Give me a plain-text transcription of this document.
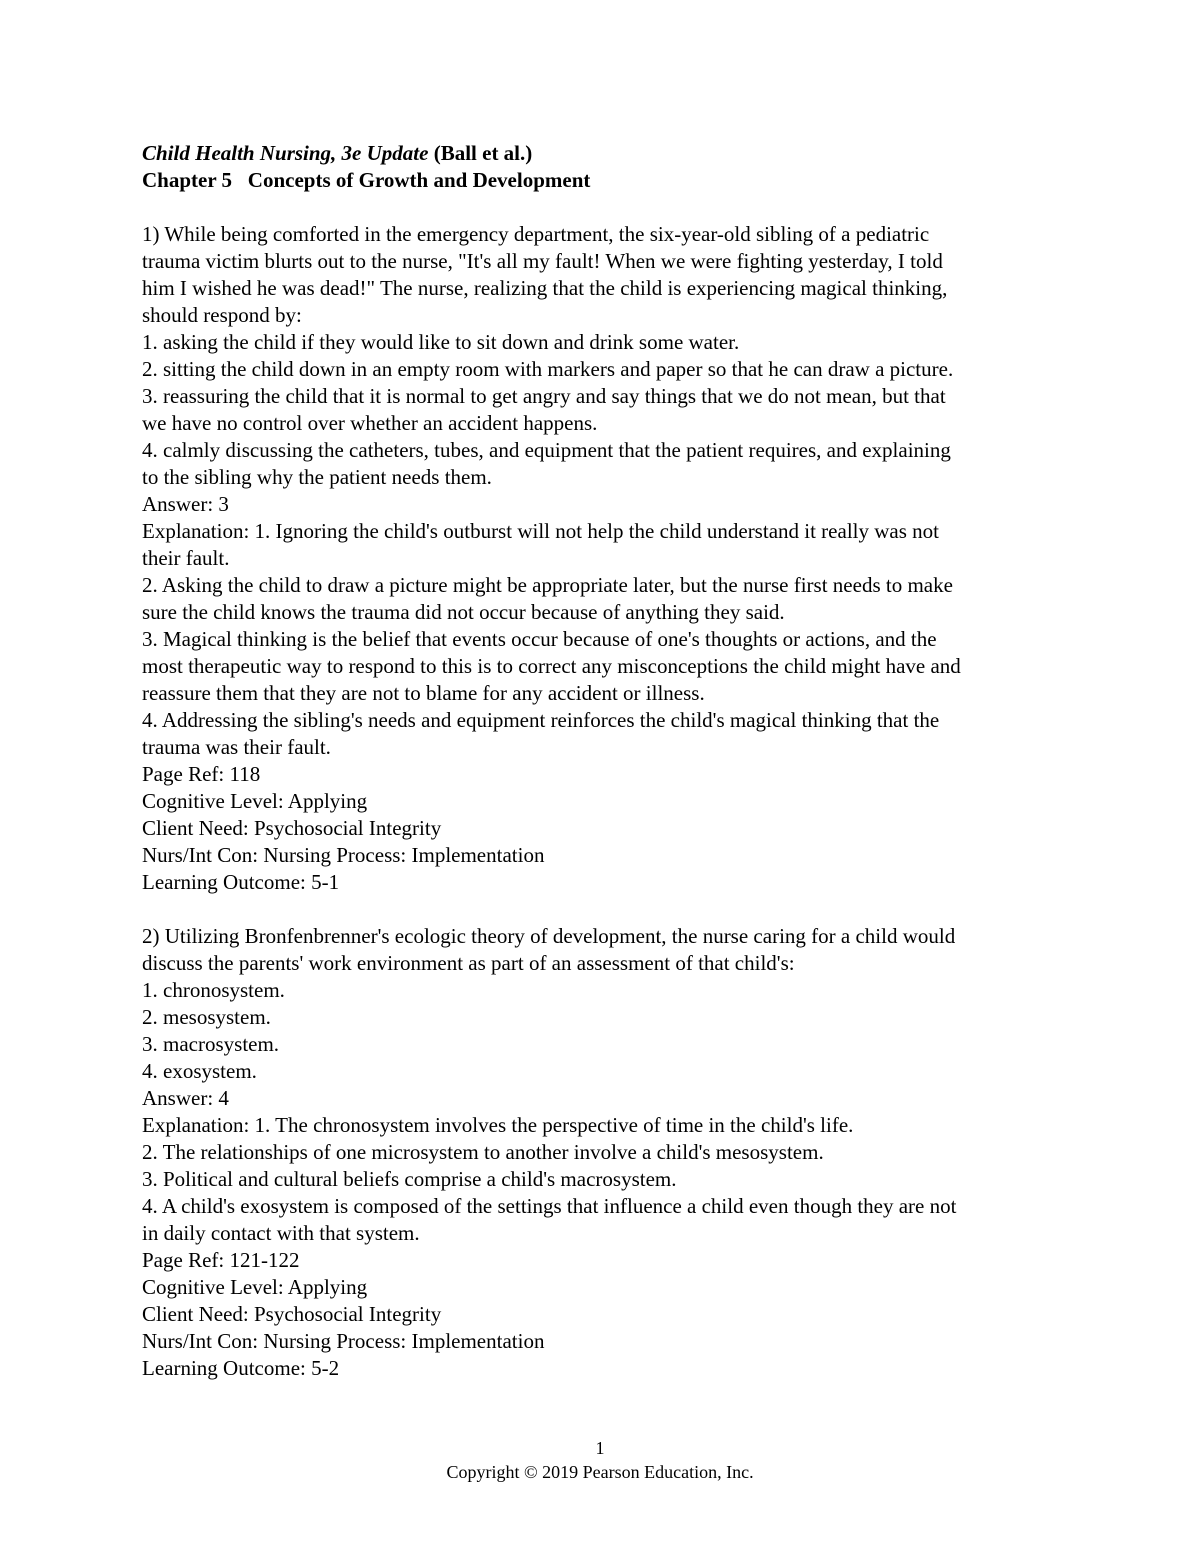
Child Health Nursing, 3e Update (Ball et al.)
Chapter 5   Concepts of Growth and Development
1) While being comforted in the emergency department, the six-year-old sibling of a pediatric
trauma victim blurts out to the nurse, "It's all my fault! When we were fighting yesterday, I told
him I wished he was dead!" The nurse, realizing that the child is experiencing magical thinking,
should respond by:
1. asking the child if they would like to sit down and drink some water.
2. sitting the child down in an empty room with markers and paper so that he can draw a picture.
3. reassuring the child that it is normal to get angry and say things that we do not mean, but that
we have no control over whether an accident happens.
4. calmly discussing the catheters, tubes, and equipment that the patient requires, and explaining
to the sibling why the patient needs them.
Answer: 3
Explanation: 1. Ignoring the child's outburst will not help the child understand it really was not
their fault.
2. Asking the child to draw a picture might be appropriate later, but the nurse first needs to make
sure the child knows the trauma did not occur because of anything they said.
3. Magical thinking is the belief that events occur because of one's thoughts or actions, and the
most therapeutic way to respond to this is to correct any misconceptions the child might have and
reassure them that they are not to blame for any accident or illness.
4. Addressing the sibling's needs and equipment reinforces the child's magical thinking that the
trauma was their fault.
Page Ref: 118
Cognitive Level: Applying
Client Need: Psychosocial Integrity
Nurs/Int Con: Nursing Process: Implementation
Learning Outcome: 5-1
2) Utilizing Bronfenbrenner's ecologic theory of development, the nurse caring for a child would
discuss the parents' work environment as part of an assessment of that child's:
1. chronosystem.
2. mesosystem.
3. macrosystem.
4. exosystem.
Answer: 4
Explanation: 1. The chronosystem involves the perspective of time in the child's life.
2. The relationships of one microsystem to another involve a child's mesosystem.
3. Political and cultural beliefs comprise a child's macrosystem.
4. A child's exosystem is composed of the settings that influence a child even though they are not
in daily contact with that system.
Page Ref: 121-122
Cognitive Level: Applying
Client Need: Psychosocial Integrity
Nurs/Int Con: Nursing Process: Implementation
Learning Outcome: 5-2
1
Copyright © 2019 Pearson Education, Inc.
